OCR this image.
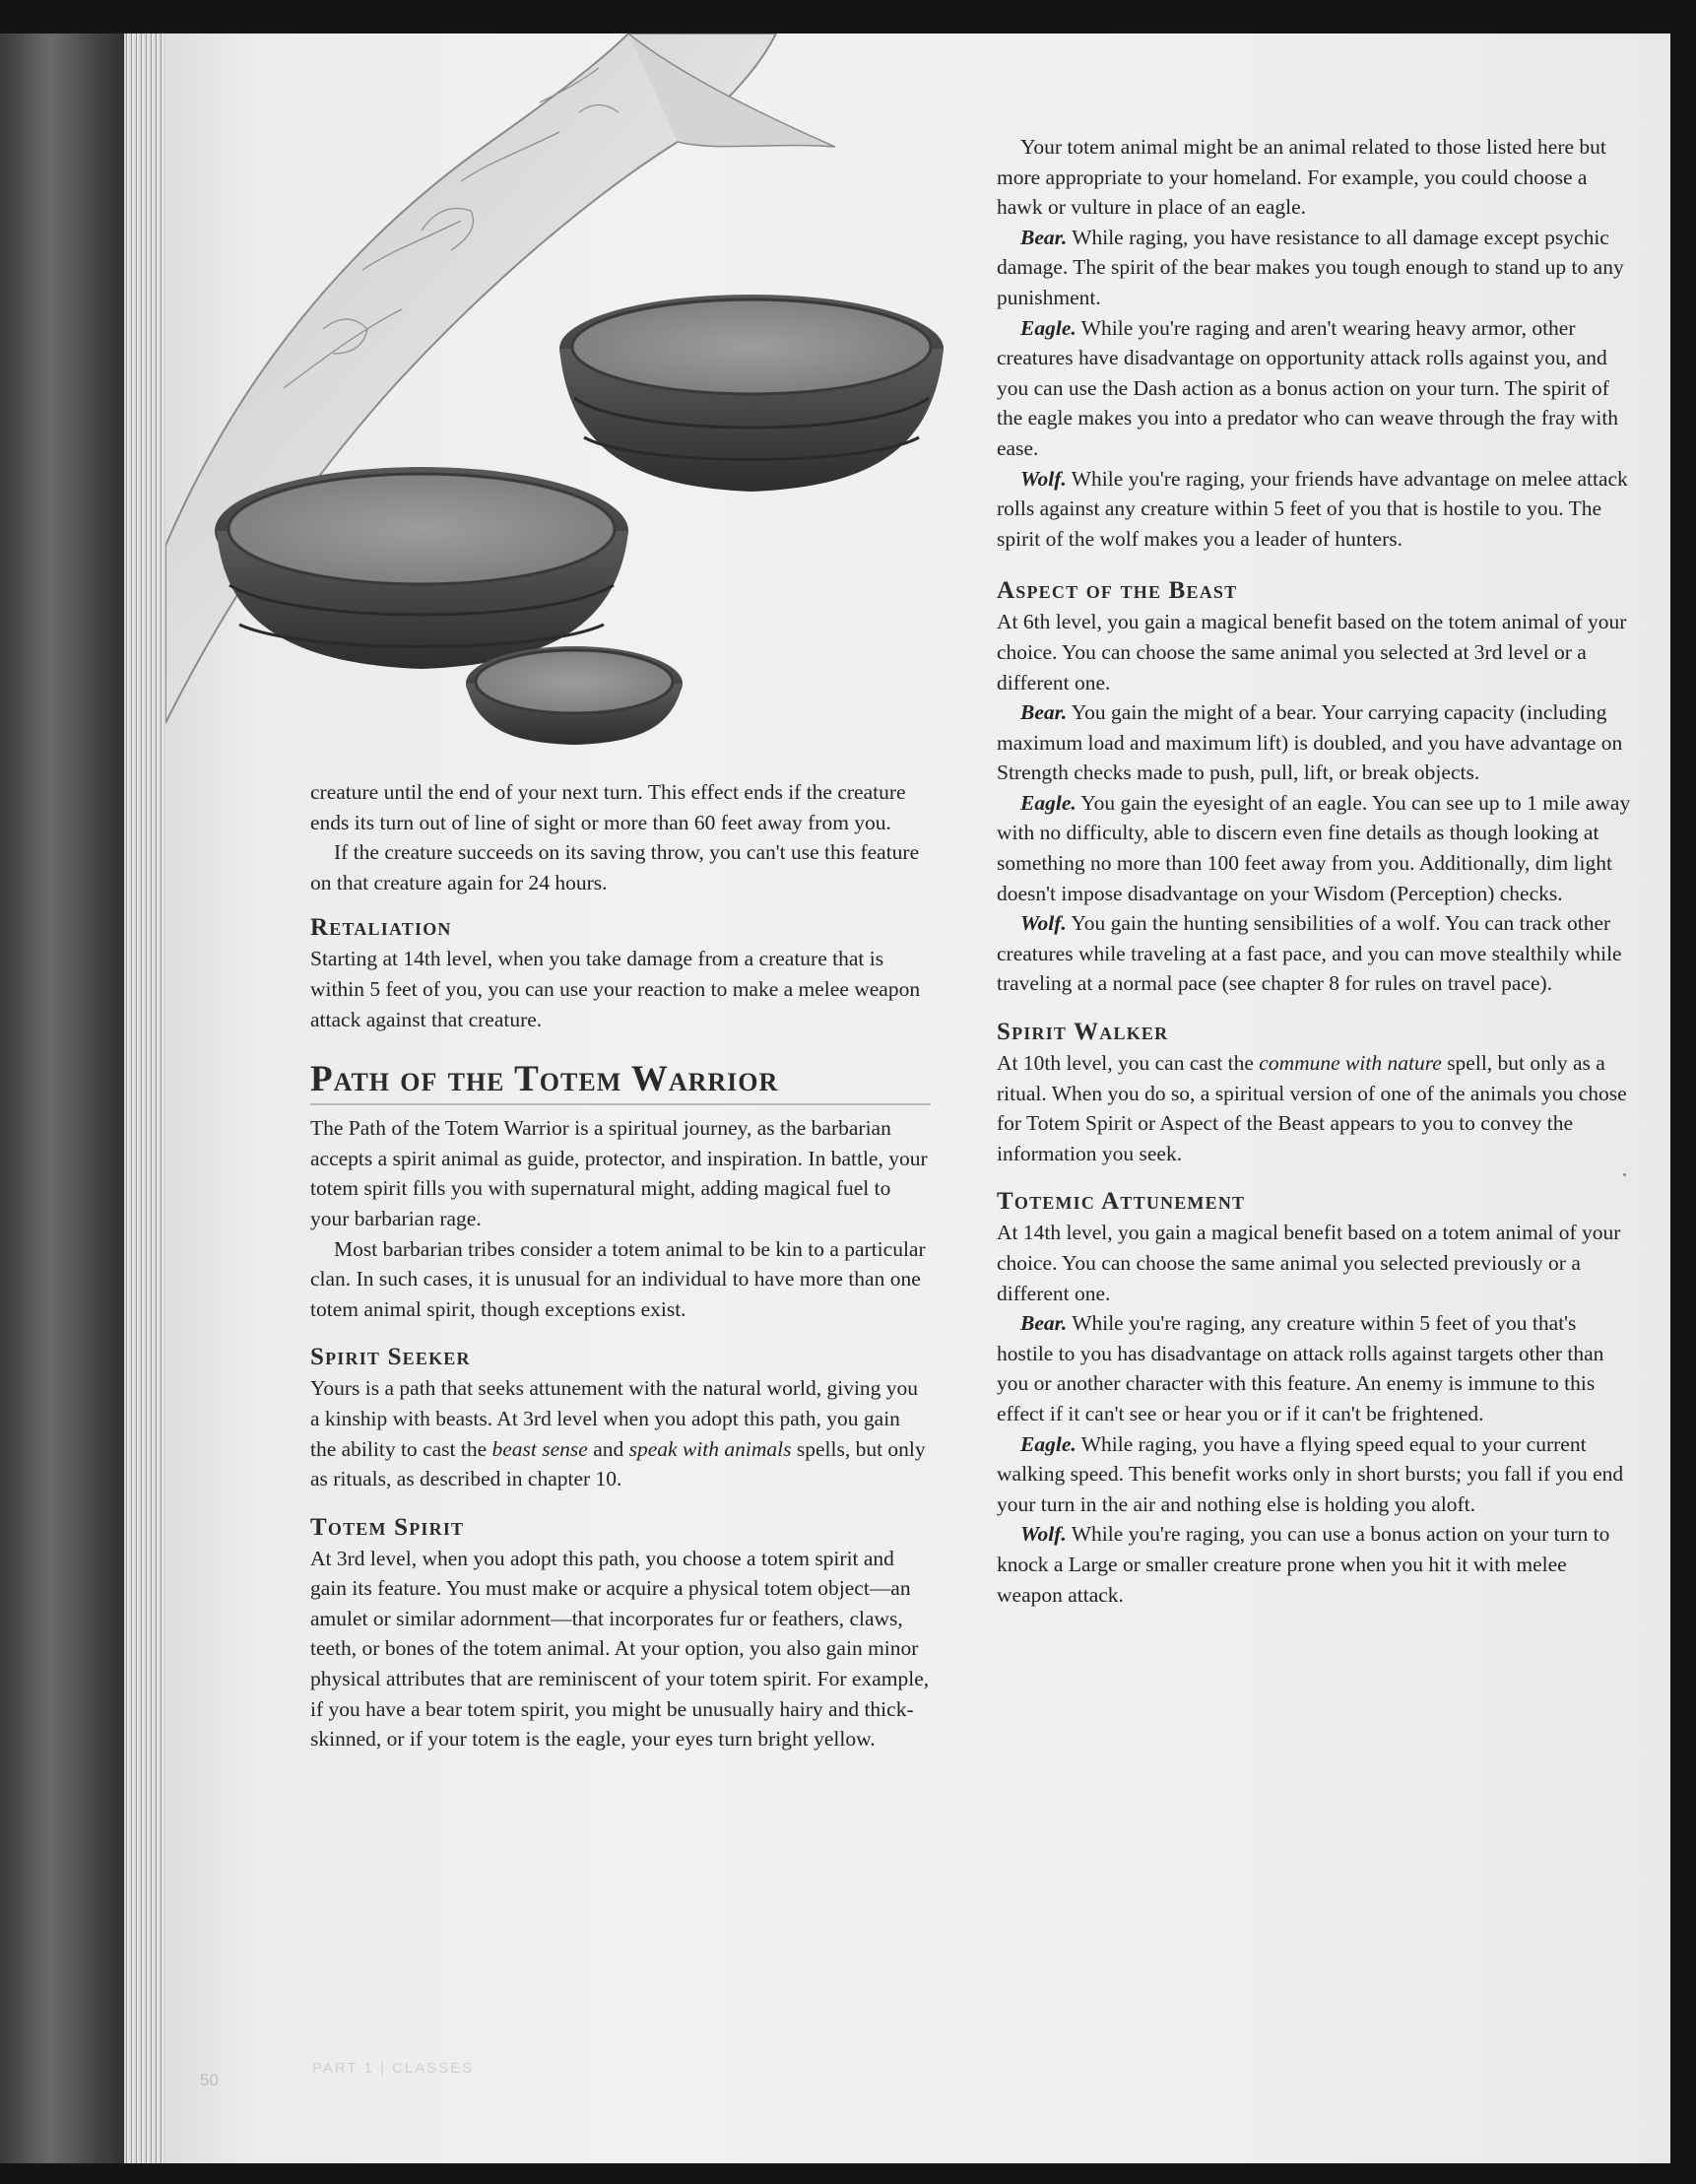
creature until the end of your next turn. This effect ends if the creature ends its turn out of line of sight or more than 60 feet away from you.

If the creature succeeds on its saving throw, you can't use this feature on that creature again for 24 hours.

Retaliation

Starting at 14th level, when you take damage from a creature that is within 5 feet of you, you can use your reaction to make a melee weapon attack against that creature.

Path of the Totem Warrior

The Path of the Totem Warrior is a spiritual journey, as the barbarian accepts a spirit animal as guide, protector, and inspiration. In battle, your totem spirit fills you with supernatural might, adding magical fuel to your barbarian rage.

Most barbarian tribes consider a totem animal to be kin to a particular clan. In such cases, it is unusual for an individual to have more than one totem animal spirit, though exceptions exist.

Spirit Seeker

Yours is a path that seeks attunement with the natural world, giving you a kinship with beasts. At 3rd level when you adopt this path, you gain the ability to cast the beast sense and speak with animals spells, but only as rituals, as described in chapter 10.

Totem Spirit

At 3rd level, when you adopt this path, you choose a totem spirit and gain its feature. You must make or acquire a physical totem object—an amulet or similar adornment—that incorporates fur or feathers, claws, teeth, or bones of the totem animal. At your option, you also gain minor physical attributes that are reminiscent of your totem spirit. For example, if you have a bear totem spirit, you might be unusually hairy and thick-skinned, or if your totem is the eagle, your eyes turn bright yellow.

Your totem animal might be an animal related to those listed here but more appropriate to your homeland. For example, you could choose a hawk or vulture in place of an eagle.

Bear. While raging, you have resistance to all damage except psychic damage. The spirit of the bear makes you tough enough to stand up to any punishment.

Eagle. While you're raging and aren't wearing heavy armor, other creatures have disadvantage on opportunity attack rolls against you, and you can use the Dash action as a bonus action on your turn. The spirit of the eagle makes you into a predator who can weave through the fray with ease.

Wolf. While you're raging, your friends have advantage on melee attack rolls against any creature within 5 feet of you that is hostile to you. The spirit of the wolf makes you a leader of hunters.

Aspect of the Beast

At 6th level, you gain a magical benefit based on the totem animal of your choice. You can choose the same animal you selected at 3rd level or a different one.

Bear. You gain the might of a bear. Your carrying capacity (including maximum load and maximum lift) is doubled, and you have advantage on Strength checks made to push, pull, lift, or break objects.

Eagle. You gain the eyesight of an eagle. You can see up to 1 mile away with no difficulty, able to discern even fine details as though looking at something no more than 100 feet away from you. Additionally, dim light doesn't impose disadvantage on your Wisdom (Perception) checks.

Wolf. You gain the hunting sensibilities of a wolf. You can track other creatures while traveling at a fast pace, and you can move stealthily while traveling at a normal pace (see chapter 8 for rules on travel pace).

Spirit Walker

At 10th level, you can cast the commune with nature spell, but only as a ritual. When you do so, a spiritual version of one of the animals you chose for Totem Spirit or Aspect of the Beast appears to you to convey the information you seek.

Totemic Attunement

At 14th level, you gain a magical benefit based on a totem animal of your choice. You can choose the same animal you selected previously or a different one.

Bear. While you're raging, any creature within 5 feet of you that's hostile to you has disadvantage on attack rolls against targets other than you or another character with this feature. An enemy is immune to this effect if it can't see or hear you or if it can't be frightened.

Eagle. While raging, you have a flying speed equal to your current walking speed. This benefit works only in short bursts; you fall if you end your turn in the air and nothing else is holding you aloft.

Wolf. While you're raging, you can use a bonus action on your turn to knock a Large or smaller creature prone when you hit it with melee weapon attack.

PART 1 | CLASSES
50
